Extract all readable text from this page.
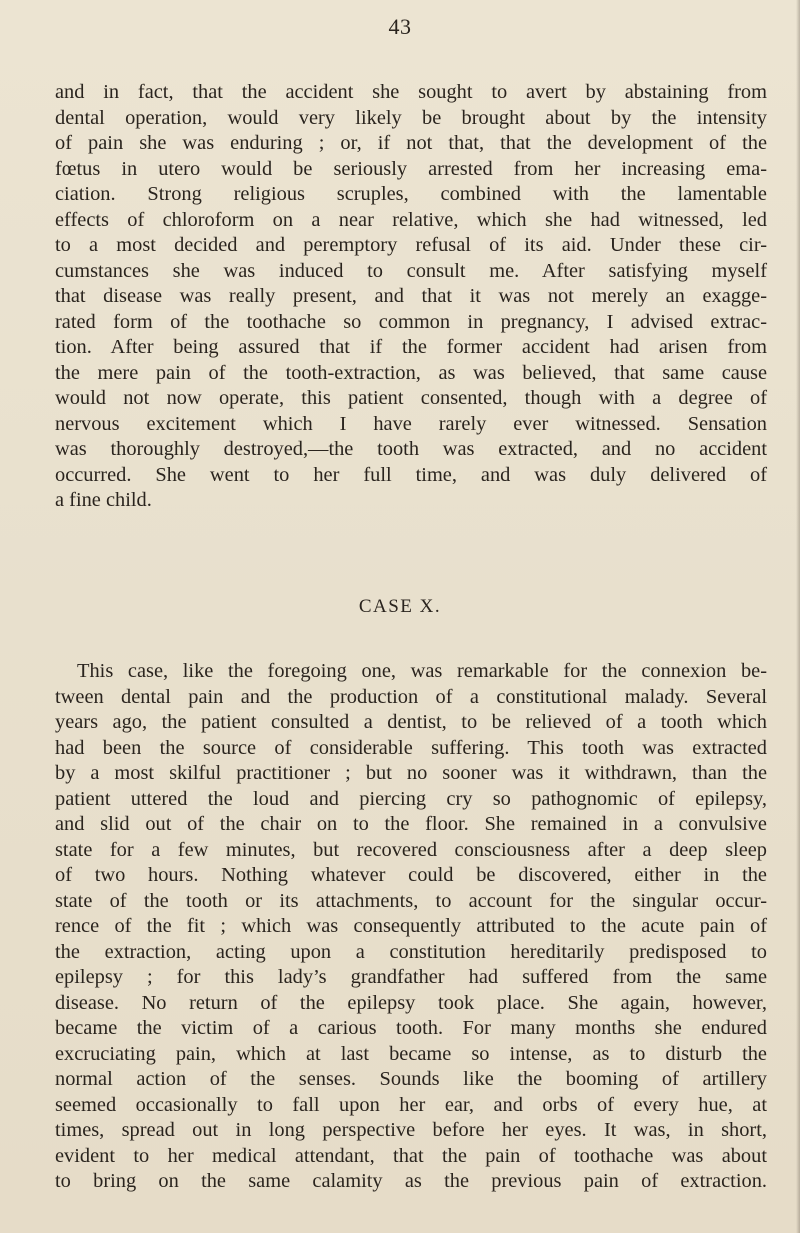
43
and in fact, that the accident she sought to avert by abstaining from
dental operation, would very likely be brought about by the intensity
of pain she was enduring ; or, if not that, that the development of the
fœtus in utero would be seriously arrested from her increasing ema-
ciation. Strong religious scruples, combined with the lamentable
effects of chloroform on a near relative, which she had witnessed, led
to a most decided and peremptory refusal of its aid. Under these cir-
cumstances she was induced to consult me. After satisfying myself
that disease was really present, and that it was not merely an exagge-
rated form of the toothache so common in pregnancy, I advised extrac-
tion. After being assured that if the former accident had arisen from
the mere pain of the tooth-extraction, as was believed, that same cause
would not now operate, this patient consented, though with a degree of
nervous excitement which I have rarely ever witnessed. Sensation
was thoroughly destroyed,—the tooth was extracted, and no accident
occurred. She went to her full time, and was duly delivered of
a fine child.
CASE X.
This case, like the foregoing one, was remarkable for the connexion be-
tween dental pain and the production of a constitutional malady. Several
years ago, the patient consulted a dentist, to be relieved of a tooth which
had been the source of considerable suffering. This tooth was extracted
by a most skilful practitioner ; but no sooner was it withdrawn, than the
patient uttered the loud and piercing cry so pathognomic of epilepsy,
and slid out of the chair on to the floor. She remained in a convulsive
state for a few minutes, but recovered consciousness after a deep sleep
of two hours. Nothing whatever could be discovered, either in the
state of the tooth or its attachments, to account for the singular occur-
rence of the fit ; which was consequently attributed to the acute pain of
the extraction, acting upon a constitution hereditarily predisposed to
epilepsy ; for this lady’s grandfather had suffered from the same
disease. No return of the epilepsy took place. She again, however,
became the victim of a carious tooth. For many months she endured
excruciating pain, which at last became so intense, as to disturb the
normal action of the senses. Sounds like the booming of artillery
seemed occasionally to fall upon her ear, and orbs of every hue, at
times, spread out in long perspective before her eyes. It was, in short,
evident to her medical attendant, that the pain of toothache was about
to bring on the same calamity as the previous pain of extraction.
